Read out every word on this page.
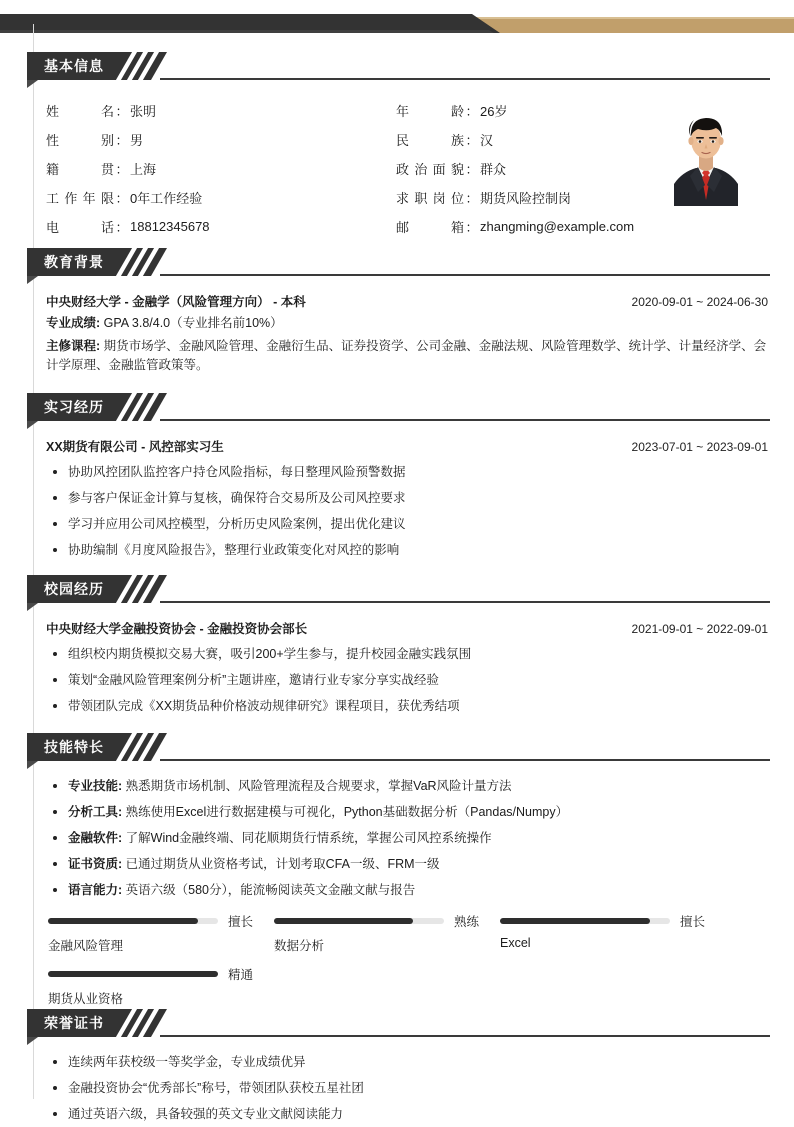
基本信息
姓名 ： 张明	年龄 ： 26岁
性别 ： 男	民族 ： 汉
籍贯 ： 上海	政治面貌 ： 群众
工作年限 ： 0年工作经验	求职岗位 ： 期货风险控制岗
电话 ： 18812345678	邮箱 ： zhangming@example.com
教育背景
中央财经大学 - 金融学（风险管理方向） - 本科	2020-09-01 ~ 2024-06-30
专业成绩: GPA 3.8/4.0（专业排名前10%）
主修课程: 期货市场学、金融风险管理、金融衍生品、证券投资学、公司金融、金融法规、风险管理数学、统计学、计量经济学、会计学原理、金融监管政策等。
实习经历
XX期货有限公司 - 风控部实习生	2023-07-01 ~ 2023-09-01
协助风控团队监控客户持仓风险指标，每日整理风险预警数据
参与客户保证金计算与复核，确保符合交易所及公司风控要求
学习并应用公司风控模型，分析历史风险案例，提出优化建议
协助编制《月度风险报告》，整理行业政策变化对风控的影响
校园经历
中央财经大学金融投资协会 - 金融投资协会部长	2021-09-01 ~ 2022-09-01
组织校内期货模拟交易大赛，吸引200+学生参与，提升校园金融实践氛围
策划“金融风险管理案例分析”主题讲座，邀请行业专家分享实战经验
带领团队完成《XX期货品种价格波动规律研究》课程项目，获优秀结项
技能特长
专业技能: 熟悉期货市场机制、风险管理流程及合规要求，掌握VaR风险计量方法
分析工具: 熟练使用Excel进行数据建模与可视化，Python基础数据分析（Pandas/Numpy）
金融软件: 了解Wind金融终端、同花顺期货行情系统，掌握公司风控系统操作
证书资质: 已通过期货从业资格考试，计划考取CFA一级、FRM一级
语言能力: 英语六级（580分），能流畅阅读英文金融文献与报告
擅长
金融风险管理
熟练
数据分析
擅长
Excel
精通
期货从业资格
荣誉证书
连续两年获校级一等奖学金，专业成绩优异
金融投资协会“优秀部长”称号，带领团队获校五星社团
通过英语六级，具备较强的英文专业文献阅读能力
